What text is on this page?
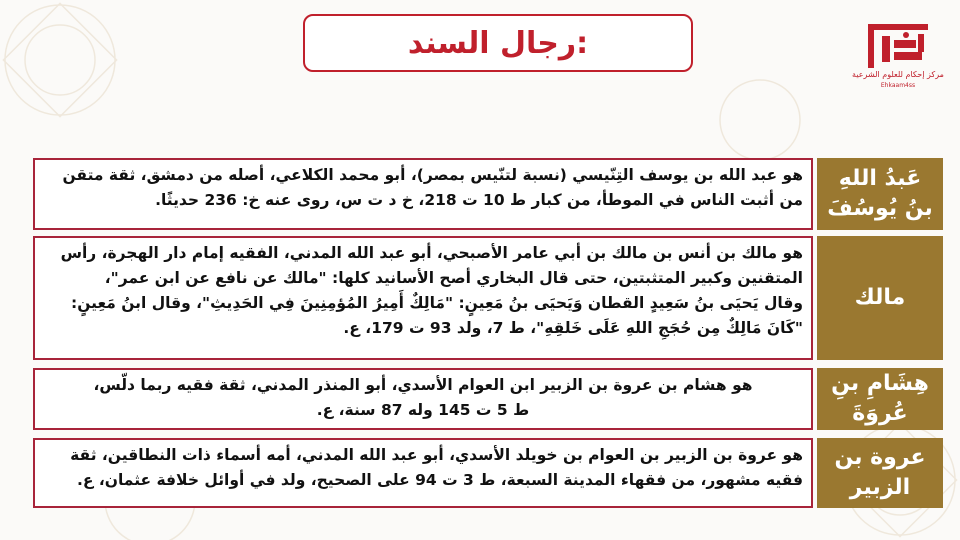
رجال السند:
مركز إحكام للعلوم الشرعية
Ehkaam4ss

هو عبد الله بن يوسف التِنّيسي (نسبة لتنّيس بمصر)، أبو محمد الكلاعي، أصله من دمشق، ثقة متقن

من أثبت الناس في الموطأ، من كبار ط 10 ت 218، خ د ت س، روى عنه خ: 236 حديثًا.

عَبدُ اللهِ بنُ يُوسُفَ

هو مالك بن أنس بن مالك بن أبي عامر الأصبحي، أبو عبد الله المدني، الفقيه إمام دار الهجرة، رأس

المتقنين وكبير المتثبتين، حتى قال البخاري أصح الأسانيد كلها: "مالك عن نافع عن ابن عمر"،

وقال يَحيَى بنُ سَعِيدٍ القطان وَيَحيَى بنُ مَعِينٍ: "مَالِكٌ أَمِيرُ المُؤمِنِينَ فِي الحَدِيثِ"، وقال ابنُ مَعِينٍ:

"كَانَ مَالِكٌ مِن حُجَجِ اللهِ عَلَى خَلقِهِ"، ط 7، ولد 93 ت 179، ع.

مالك

هو هشام بن عروة بن الزبير ابن العوام الأسدي، أبو المنذر المدني، ثقة فقيه ربما دلّس،

ط 5 ت 145 وله 87 سنة، ع.

هِشَامِ بنِ عُروَةَ

هو عروة بن الزبير بن العوام بن خويلد الأسدي، أبو عبد الله المدني، أمه أسماء ذات النطاقين، ثقة

فقيه مشهور، من فقهاء المدينة السبعة، ط 3 ت 94 على الصحيح، ولد في أوائل خلافة عثمان، ع.

عروة بن الزبير
